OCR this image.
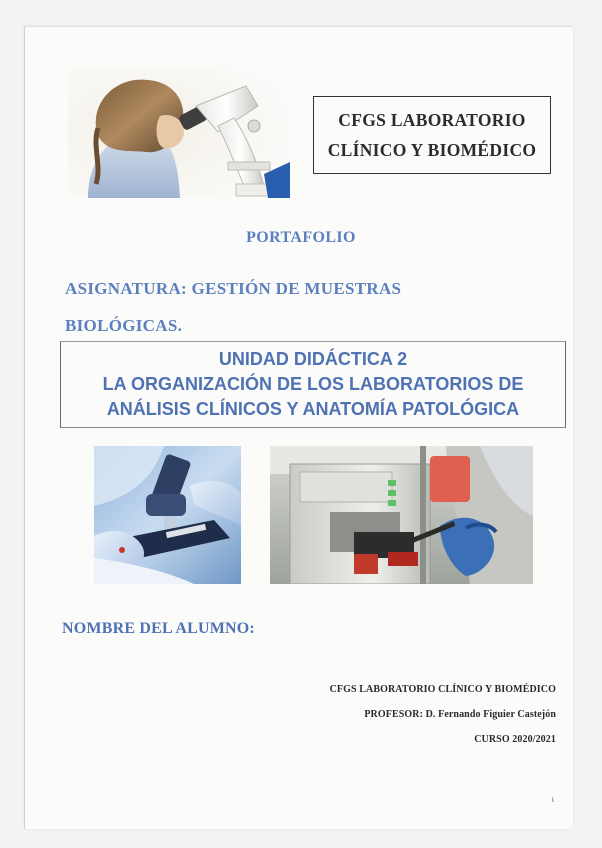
CFGS LABORATORIO
CLÍNICO Y BIOMÉDICO
PORTAFOLIO
ASIGNATURA: GESTIÓN DE MUESTRAS
BIOLÓGICAS.
UNIDAD DIDÁCTICA 2
LA ORGANIZACIÓN DE LOS LABORATORIOS DE
ANÁLISIS CLÍNICOS Y ANATOMÍA PATOLÓGICA
NOMBRE DEL ALUMNO:
CFGS LABORATORIO CLÍNICO Y BIOMÉDICO
PROFESOR: D. Fernando Figuier Castejón
CURSO 2020/2021
ι
